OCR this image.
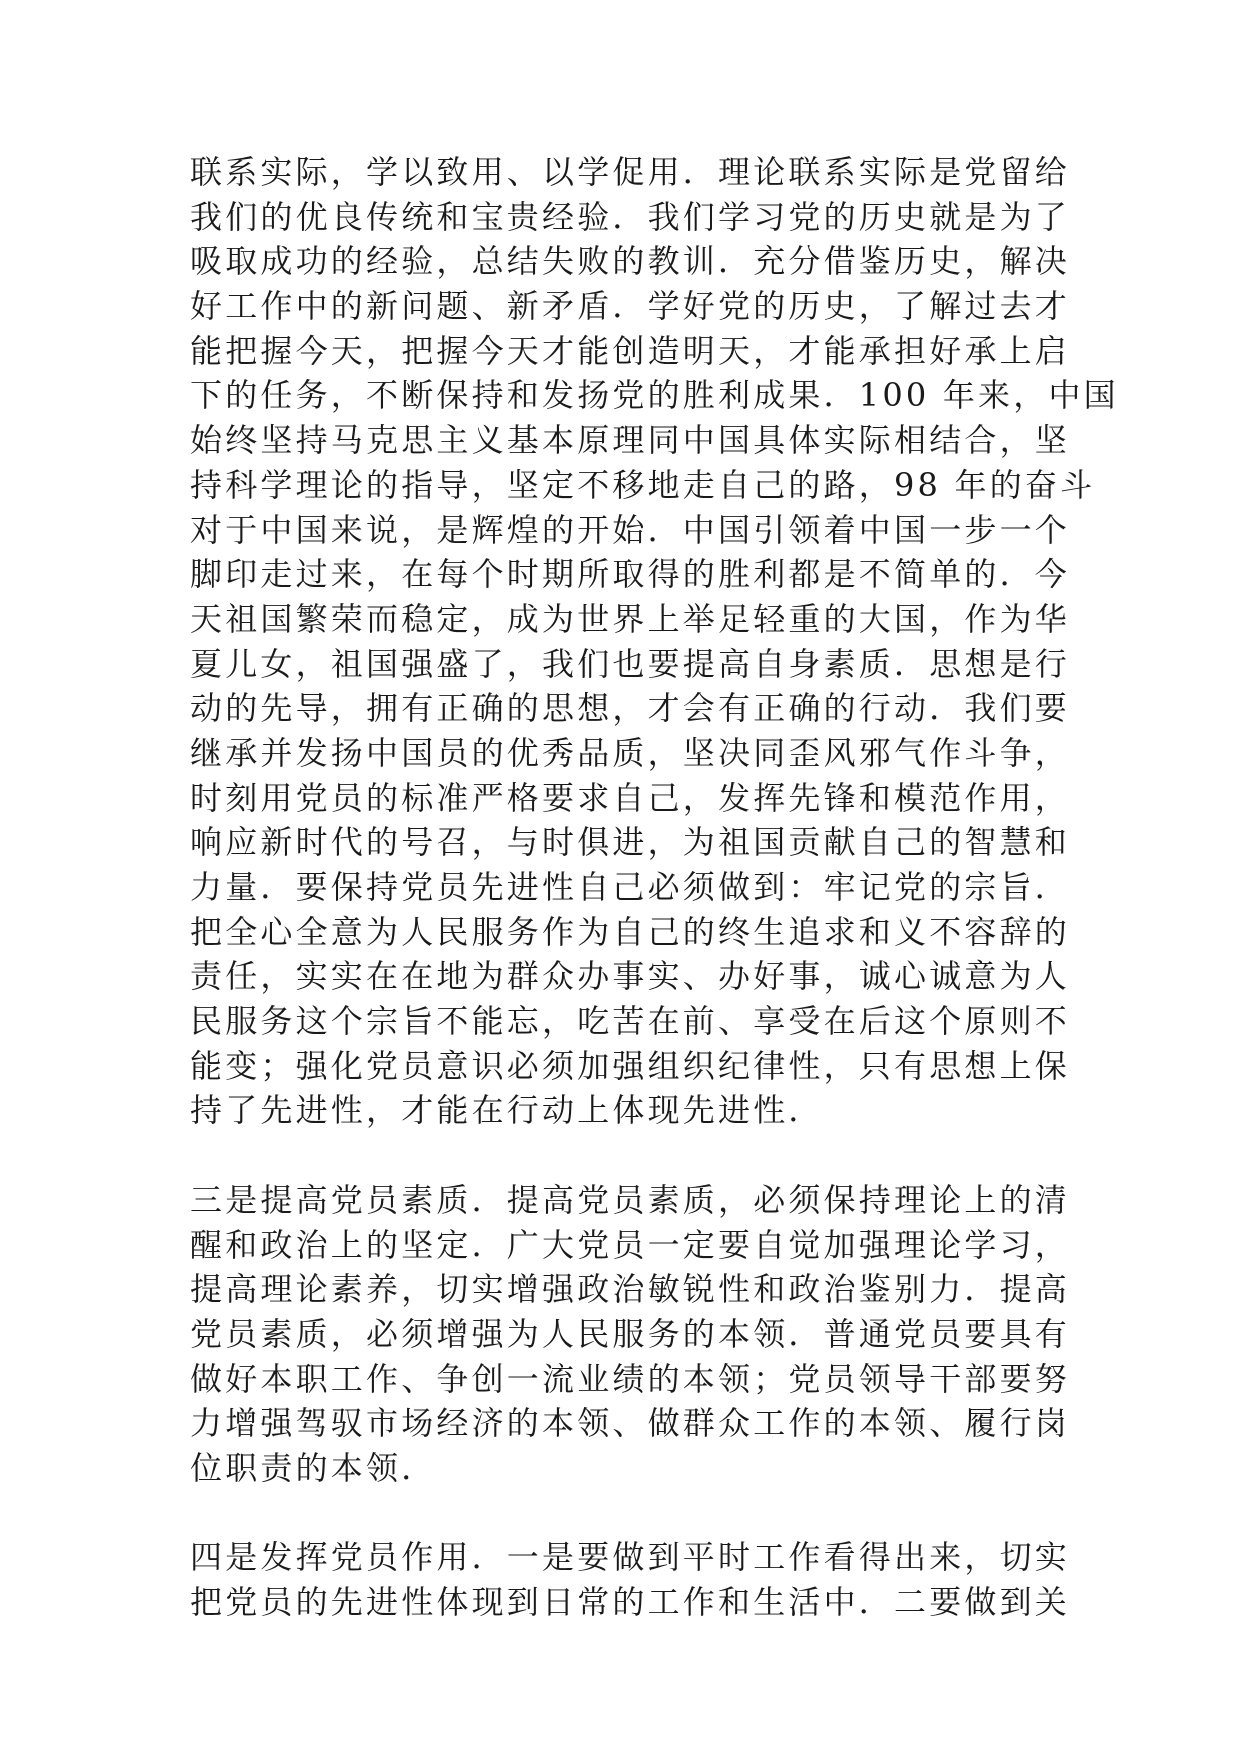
联系实际，学以致用、以学促用．理论联系实际是党留给
我们的优良传统和宝贵经验．我们学习党的历史就是为了
吸取成功的经验，总结失败的教训．充分借鉴历史，解决
好工作中的新问题、新矛盾．学好党的历史，了解过去才
能把握今天，把握今天才能创造明天，才能承担好承上启
下的任务，不断保持和发扬党的胜利成果．100 年来，中国
始终坚持马克思主义基本原理同中国具体实际相结合，坚
持科学理论的指导，坚定不移地走自己的路，98 年的奋斗
对于中国来说，是辉煌的开始．中国引领着中国一步一个
脚印走过来，在每个时期所取得的胜利都是不简单的．今
天祖国繁荣而稳定，成为世界上举足轻重的大国，作为华
夏儿女，祖国强盛了，我们也要提高自身素质．思想是行
动的先导，拥有正确的思想，才会有正确的行动．我们要
继承并发扬中国员的优秀品质，坚决同歪风邪气作斗争，
时刻用党员的标准严格要求自己，发挥先锋和模范作用，
响应新时代的号召，与时俱进，为祖国贡献自己的智慧和
力量．要保持党员先进性自己必须做到：牢记党的宗旨．
把全心全意为人民服务作为自己的终生追求和义不容辞的
责任，实实在在地为群众办事实、办好事，诚心诚意为人
民服务这个宗旨不能忘，吃苦在前、享受在后这个原则不
能变；强化党员意识必须加强组织纪律性，只有思想上保
持了先进性，才能在行动上体现先进性．
三是提高党员素质．提高党员素质，必须保持理论上的清
醒和政治上的坚定．广大党员一定要自觉加强理论学习，
提高理论素养，切实增强政治敏锐性和政治鉴别力．提高
党员素质，必须增强为人民服务的本领．普通党员要具有
做好本职工作、争创一流业绩的本领；党员领导干部要努
力增强驾驭市场经济的本领、做群众工作的本领、履行岗
位职责的本领．
四是发挥党员作用．一是要做到平时工作看得出来，切实
把党员的先进性体现到日常的工作和生活中．二要做到关
